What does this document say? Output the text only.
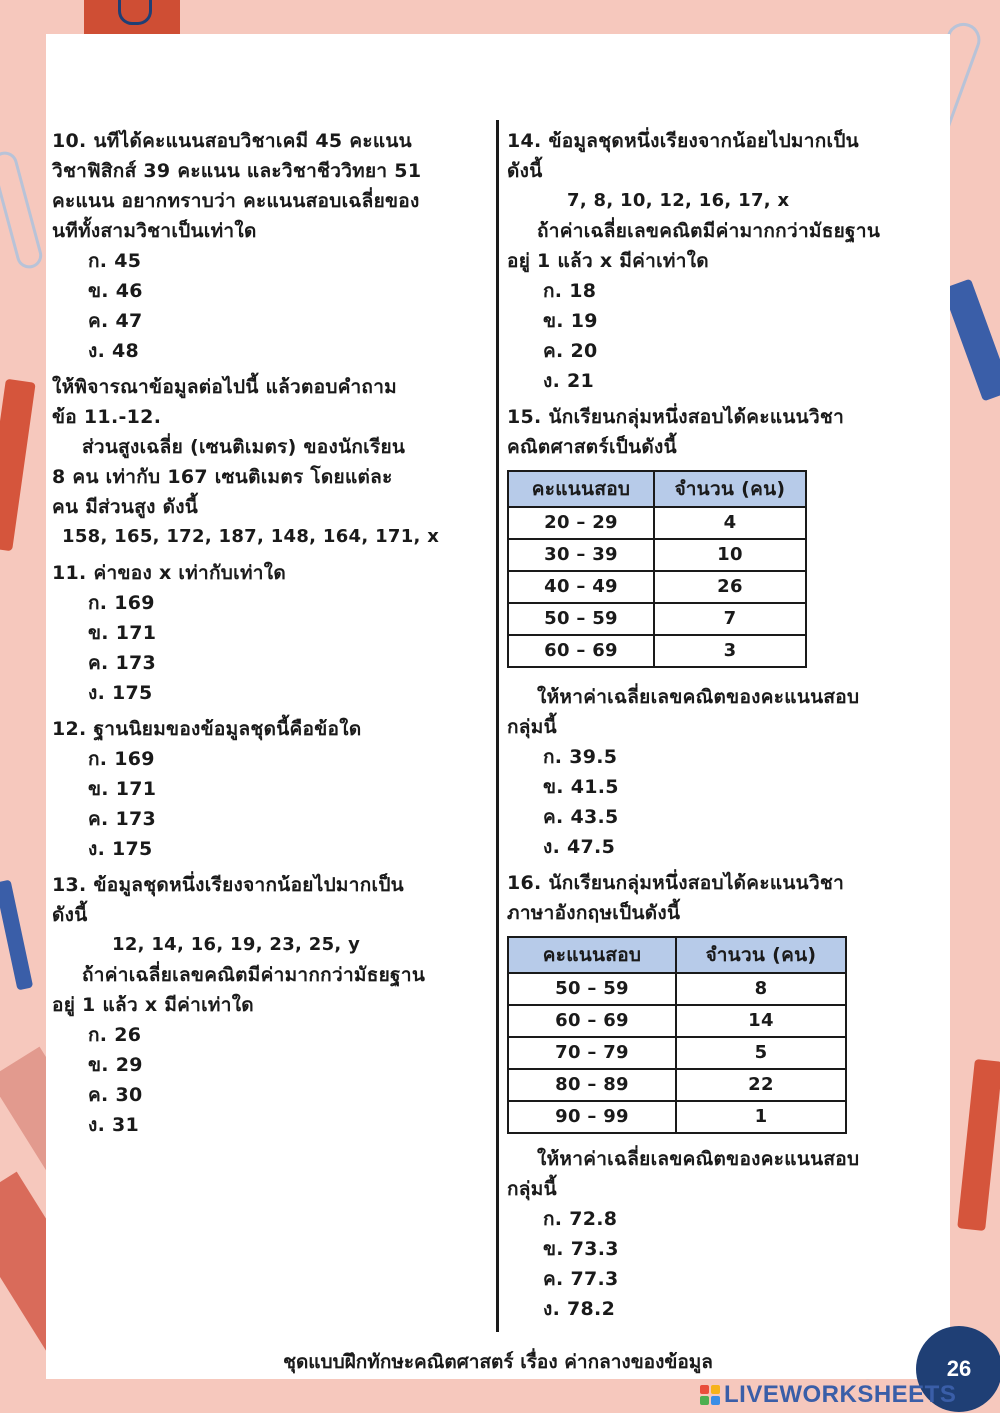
10. นทีได้คะแนนสอบวิชาเคมี 45 คะแนน
วิชาฟิสิกส์ 39 คะแนน และวิชาชีววิทยา 51
คะแนน อยากทราบว่า คะแนนสอบเฉลี่ยของ
นทีทั้งสามวิชาเป็นเท่าใด
ก. 45
ข. 46
ค. 47
ง. 48
ให้พิจารณาข้อมูลต่อไปนี้ แล้วตอบคำถาม
ข้อ 11.-12.
ส่วนสูงเฉลี่ย (เซนติเมตร) ของนักเรียน
8 คน เท่ากับ 167 เซนติเมตร โดยแต่ละ
คน มีส่วนสูง ดังนี้
158, 165, 172, 187, 148, 164, 171, x
11. ค่าของ x เท่ากับเท่าใด
ก. 169
ข. 171
ค. 173
ง. 175
12. ฐานนิยมของข้อมูลชุดนี้คือข้อใด
ก. 169
ข. 171
ค. 173
ง. 175
13. ข้อมูลชุดหนึ่งเรียงจากน้อยไปมากเป็น
ดังนี้
12, 14, 16, 19, 23, 25, y
ถ้าค่าเฉลี่ยเลขคณิตมีค่ามากกว่ามัธยฐาน
อยู่ 1 แล้ว x มีค่าเท่าใด
ก. 26
ข. 29
ค. 30
ง. 31
14. ข้อมูลชุดหนึ่งเรียงจากน้อยไปมากเป็น
ดังนี้
7, 8, 10, 12, 16, 17, x
ถ้าค่าเฉลี่ยเลขคณิตมีค่ามากกว่ามัธยฐาน
อยู่ 1 แล้ว x มีค่าเท่าใด
ก. 18
ข. 19
ค. 20
ง. 21
15. นักเรียนกลุ่มหนึ่งสอบได้คะแนนวิชา
คณิตศาสตร์เป็นดังนี้
คะแนนสอบ	จำนวน (คน)
20 – 29	4
30 – 39	10
40 – 49	26
50 – 59	7
60 – 69	3
ให้หาค่าเฉลี่ยเลขคณิตของคะแนนสอบ
กลุ่มนี้
ก. 39.5
ข. 41.5
ค. 43.5
ง. 47.5
16. นักเรียนกลุ่มหนึ่งสอบได้คะแนนวิชา
ภาษาอังกฤษเป็นดังนี้
คะแนนสอบ	จำนวน (คน)
50 – 59	8
60 – 69	14
70 – 79	5
80 – 89	22
90 – 99	1
ให้หาค่าเฉลี่ยเลขคณิตของคะแนนสอบ
กลุ่มนี้
ก. 72.8
ข. 73.3
ค. 77.3
ง. 78.2
ชุดแบบฝึกทักษะคณิตศาสตร์ เรื่อง ค่ากลางของข้อมูล	26
LIVEWORKSHEETS
